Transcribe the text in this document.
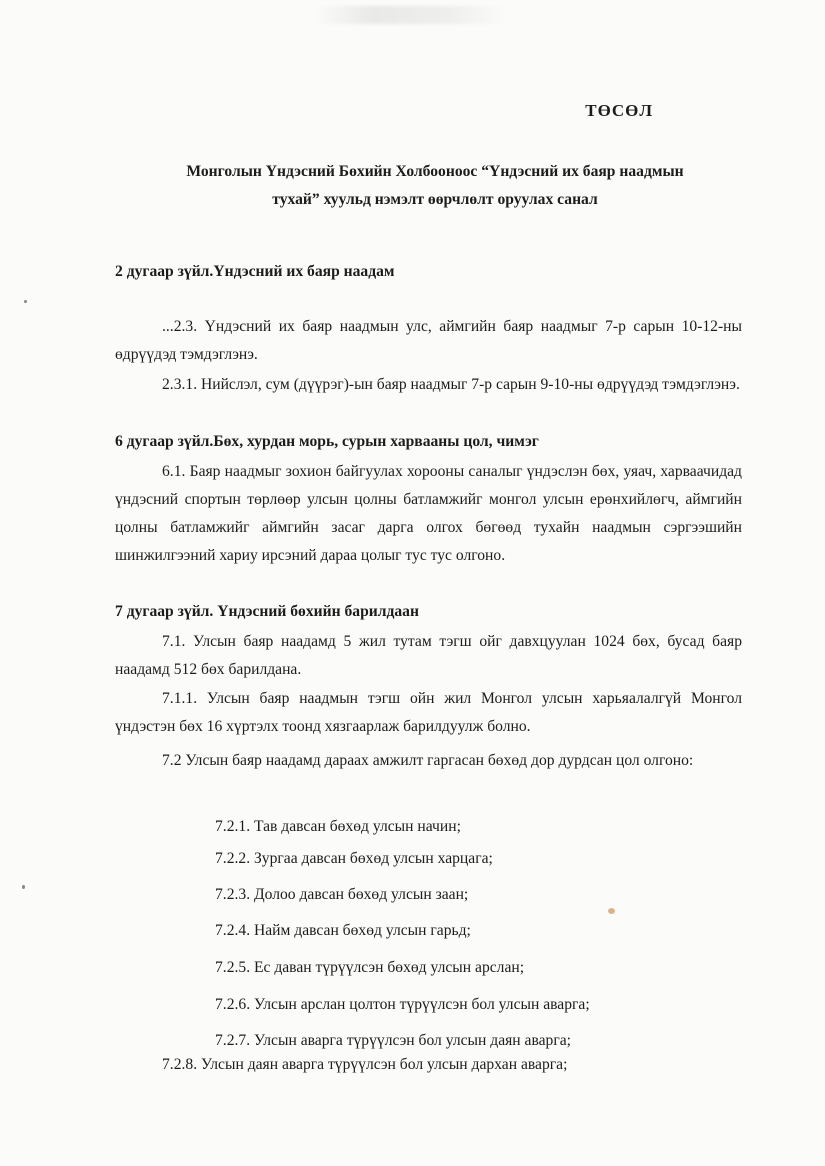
ТӨСӨЛ
Монголын Үндэсний Бөхийн Холбооноос “Үндэсний их баяр наадмын
тухай” хуульд нэмэлт өөрчлөлт оруулах санал
2 дугаар зүйл.Үндэсний их баяр наадам
...2.3. Үндэсний их баяр наадмын улс, аймгийн баяр наадмыг 7-р сарын 10-12-ны өдрүүдэд тэмдэглэнэ.
2.3.1. Нийслэл, сум (дүүрэг)-ын баяр наадмыг 7-р сарын 9-10-ны өдрүүдэд тэмдэглэнэ.
6 дугаар зүйл.Бөх, хурдан морь, сурын харвааны цол, чимэг
6.1. Баяр наадмыг зохион байгуулах хорооны саналыг үндэслэн бөх, уяач, харваачидад үндэсний спортын төрлөөр улсын цолны батламжийг монгол улсын ерөнхийлөгч, аймгийн цолны батламжийг аймгийн засаг дарга олгох бөгөөд тухайн наадмын сэргээшийн шинжилгээний хариу ирсэний дараа цолыг тус тус олгоно.
7 дугаар зүйл. Үндэсний бөхийн барилдаан
7.1. Улсын баяр наадамд 5 жил тутам тэгш ойг давхцуулан 1024 бөх, бусад баяр наадамд 512 бөх барилдана.
7.1.1. Улсын баяр наадмын тэгш ойн жил Монгол улсын харьяалалгүй Монгол үндэстэн бөх 16 хүртэлх тоонд хязгаарлаж барилдуулж болно.
7.2 Улсын баяр наадамд дараах амжилт гаргасан бөхөд дор дурдсан цол олгоно:
7.2.1. Тав давсан бөхөд улсын начин;
7.2.2. Зургаа давсан бөхөд улсын харцага;
7.2.3. Долоо давсан бөхөд улсын заан;
7.2.4. Найм давсан бөхөд улсын гарьд;
7.2.5. Ес даван түрүүлсэн бөхөд улсын арслан;
7.2.6. Улсын арслан цолтон түрүүлсэн бол улсын аварга;
7.2.7. Улсын аварга түрүүлсэн бол улсын даян аварга;
7.2.8. Улсын даян аварга түрүүлсэн бол улсын дархан аварга;
